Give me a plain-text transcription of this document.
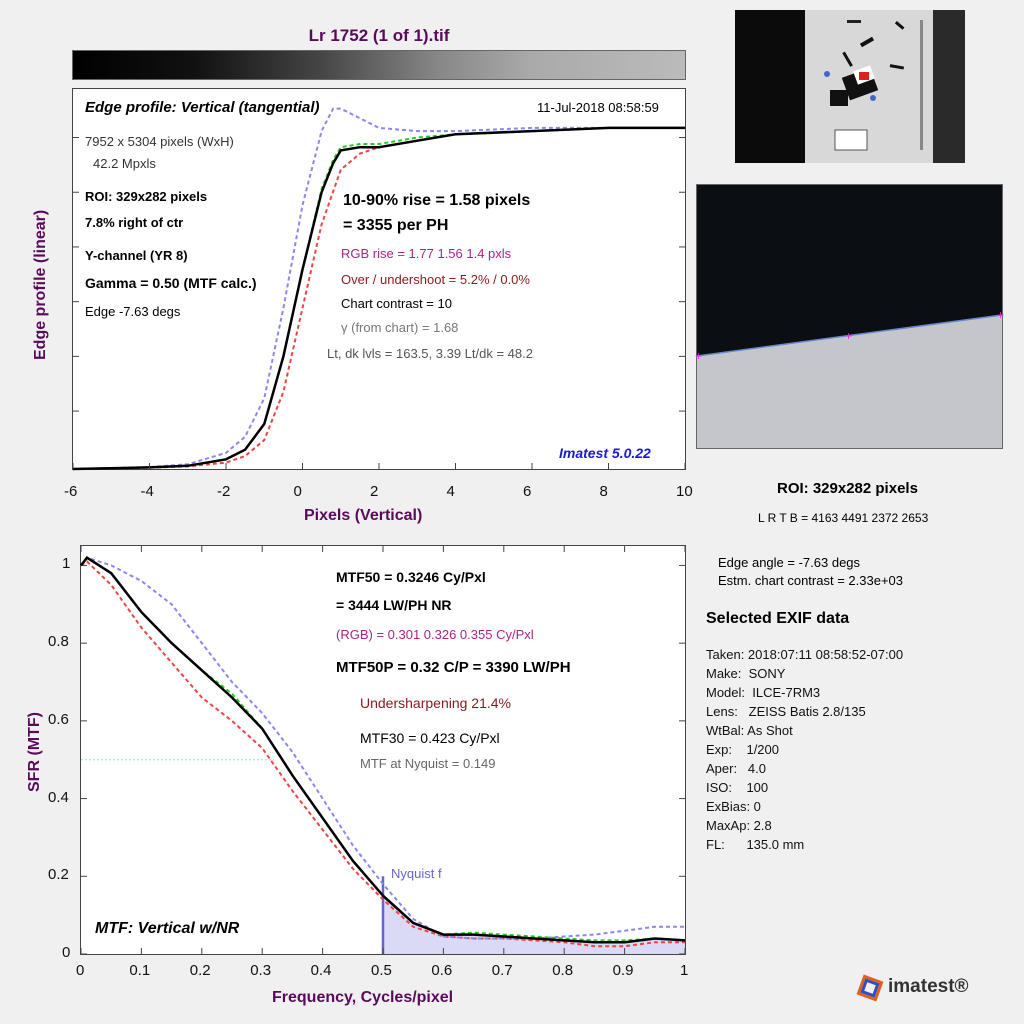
Lr 1752 (1 of 1).tif
Edge profile: Vertical (tangential)	11-Jul-2018 08:58:59
7952 x 5304 pixels (WxH)
42.2 Mpxls
ROI: 329x282 pixels
7.8% right of ctr
Y-channel (YR 8)
Gamma = 0.50 (MTF calc.)
Edge -7.63 degs
10-90% rise = 1.58 pixels
= 3355 per PH
RGB rise = 1.77 1.56 1.4 pxls
Over / undershoot = 5.2% / 0.0%
Chart contrast = 10
γ (from chart) = 1.68
Lt, dk lvls = 163.5, 3.39 Lt/dk = 48.2
Imatest 5.0.22
Pixels (Vertical)
Edge profile (linear)
MTF50 = 0.3246 Cy/Pxl
= 3444 LW/PH NR
(RGB) = 0.301 0.326 0.355 Cy/Pxl
MTF50P = 0.32 C/P = 3390 LW/PH
Undersharpening 21.4%
MTF30 = 0.423 Cy/Pxl
MTF at Nyquist = 0.149
Nyquist f
MTF: Vertical w/NR
Frequency, Cycles/pixel
SFR (MTF)
+
+
+
ROI: 329x282 pixels
L R T B = 4163 4491 2372 2653
Edge angle = -7.63 degs
Estm. chart contrast = 2.33e+03
Selected EXIF data
Taken: 2018:07:11 08:58:52-07:00
Make:  SONY
Model:  ILCE-7RM3
Lens:   ZEISS Batis 2.8/135
WtBal: As Shot
Exp:    1/200
Aper:   4.0
ISO:    100
ExBias: 0
MaxAp: 2.8
FL:      135.0 mm
imatest®
-6	-4	-2	0	2	4	6	8	10
0
0.2
0.4
0.6
0.8
1
0	0.1	0.2	0.3	0.4	0.5	0.6	0.7	0.8	0.9	1
